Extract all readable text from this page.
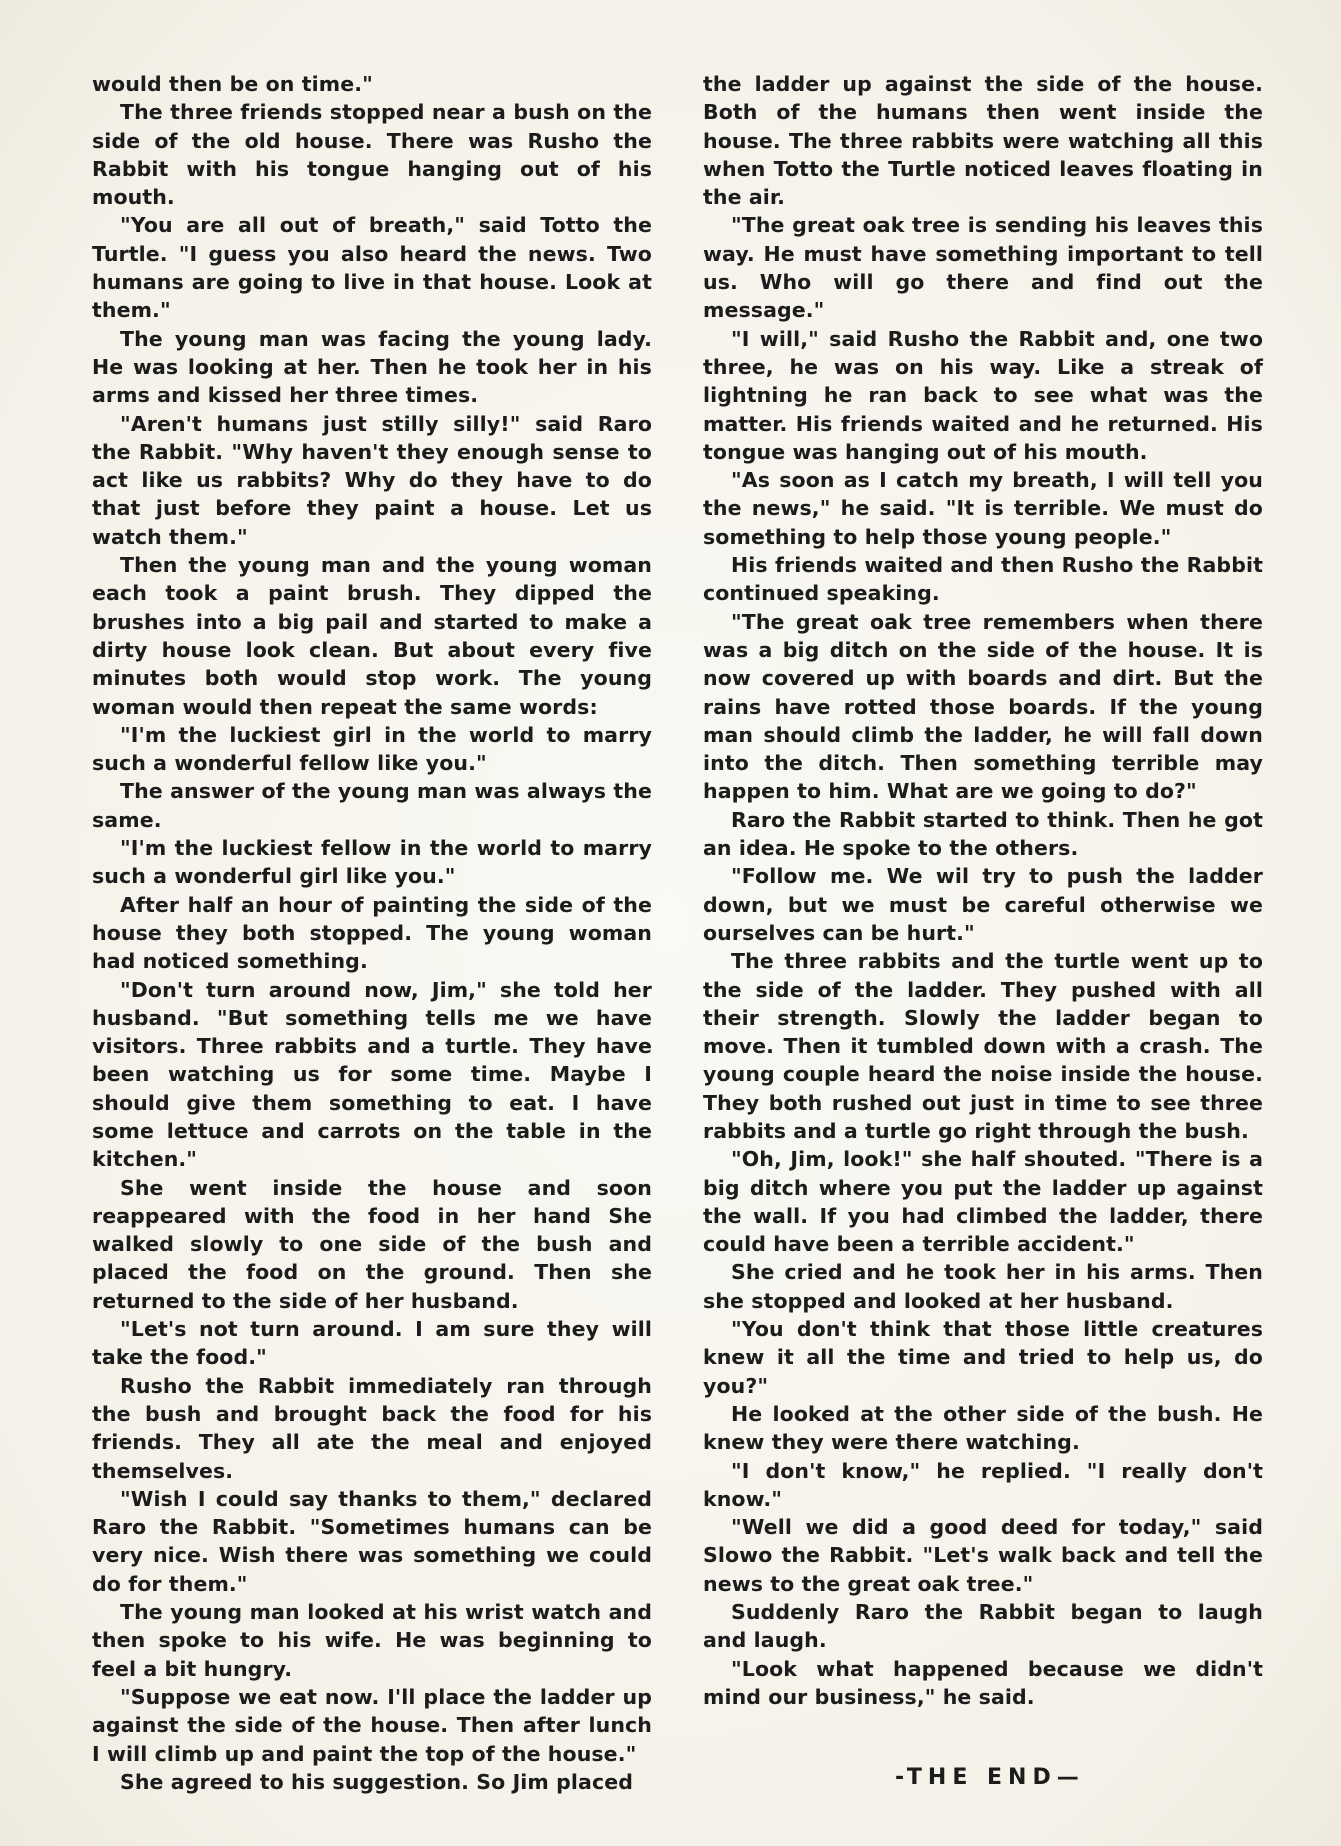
would then be on time."

The three friends stopped near a bush on the side of the old house. There was Rusho the Rabbit with his tongue hanging out of his mouth.

"You are all out of breath," said Totto the Turtle. "I guess you also heard the news. Two humans are going to live in that house. Look at them."

The young man was facing the young lady. He was looking at her. Then he took her in his arms and kissed her three times.

"Aren't humans just stilly silly!" said Raro the Rabbit. "Why haven't they enough sense to act like us rabbits? Why do they have to do that just before they paint a house. Let us watch them."

Then the young man and the young woman each took a paint brush. They dipped the brushes into a big pail and started to make a dirty house look clean. But about every five minutes both would stop work. The young woman would then repeat the same words:

"I'm the luckiest girl in the world to marry such a wonderful fellow like you."

The answer of the young man was always the same.

"I'm the luckiest fellow in the world to marry such a wonderful girl like you."

After half an hour of painting the side of the house they both stopped. The young woman had noticed something.

"Don't turn around now, Jim," she told her husband. "But something tells me we have visitors. Three rabbits and a turtle. They have been watching us for some time. Maybe I should give them something to eat. I have some lettuce and carrots on the table in the kitchen."

She went inside the house and soon reappeared with the food in her hand She walked slowly to one side of the bush and placed the food on the ground. Then she returned to the side of her husband.

"Let's not turn around. I am sure they will take the food."

Rusho the Rabbit immediately ran through the bush and brought back the food for his friends. They all ate the meal and enjoyed themselves.

"Wish I could say thanks to them," declared Raro the Rabbit. "Sometimes humans can be very nice. Wish there was something we could do for them."

The young man looked at his wrist watch and then spoke to his wife. He was beginning to feel a bit hungry.

"Suppose we eat now. I'll place the ladder up against the side of the house. Then after lunch I will climb up and paint the top of the house."

She agreed to his suggestion. So Jim placed

the ladder up against the side of the house. Both of the humans then went inside the house. The three rabbits were watching all this when Totto the Turtle noticed leaves floating in the air.

"The great oak tree is sending his leaves this way. He must have something important to tell us. Who will go there and find out the message."

"I will," said Rusho the Rabbit and, one two three, he was on his way. Like a streak of lightning he ran back to see what was the matter. His friends waited and he returned. His tongue was hanging out of his mouth.

"As soon as I catch my breath, I will tell you the news," he said. "It is terrible. We must do something to help those young people."

His friends waited and then Rusho the Rabbit continued speaking.

"The great oak tree remembers when there was a big ditch on the side of the house. It is now covered up with boards and dirt. But the rains have rotted those boards. If the young man should climb the ladder, he will fall down into the ditch. Then something terrible may happen to him. What are we going to do?"

Raro the Rabbit started to think. Then he got an idea. He spoke to the others.

"Follow me. We wil try to push the ladder down, but we must be careful otherwise we ourselves can be hurt."

The three rabbits and the turtle went up to the side of the ladder. They pushed with all their strength. Slowly the ladder began to move. Then it tumbled down with a crash. The young couple heard the noise inside the house. They both rushed out just in time to see three rabbits and a turtle go right through the bush.

"Oh, Jim, look!" she half shouted. "There is a big ditch where you put the ladder up against the wall. If you had climbed the ladder, there could have been a terrible accident."

She cried and he took her in his arms. Then she stopped and looked at her husband.

"You don't think that those little creatures knew it all the time and tried to help us, do you?"

He looked at the other side of the bush. He knew they were there watching.

"I don't know," he replied. "I really don't know."

"Well we did a good deed for today," said Slowo the Rabbit. "Let's walk back and tell the news to the great oak tree."

Suddenly Raro the Rabbit began to laugh and laugh.

"Look what happened because we didn't mind our business," he said.

-THE END—
